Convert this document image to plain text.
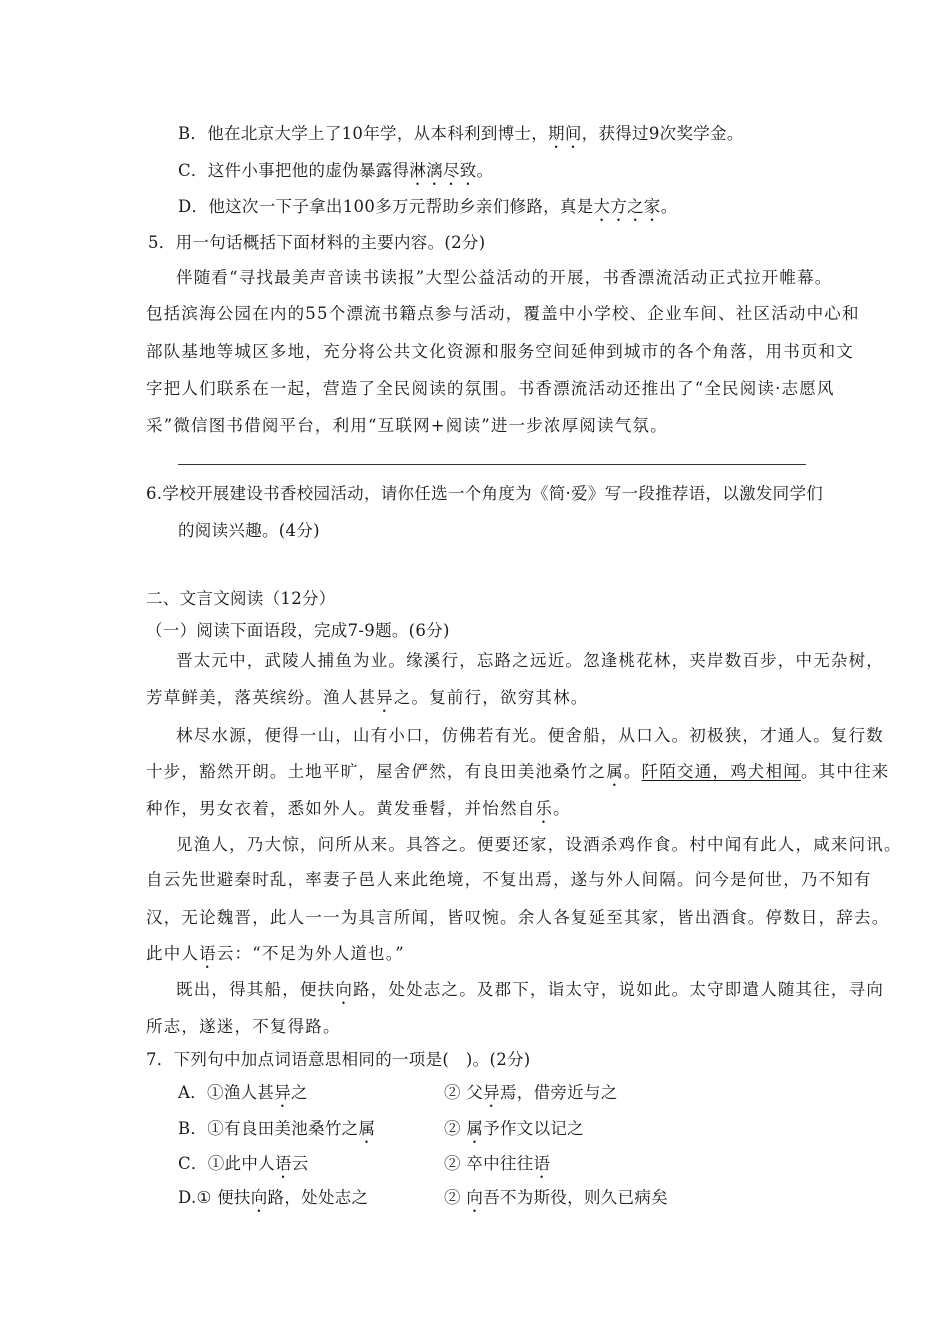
B．他在北京大学上了10年学，从本科利到博士，期间，获得过9次奖学金。
C．这件小事把他的虚伪暴露得淋漓尽致。
D．他这次一下子拿出100多万元帮助乡亲们修路，真是大方之家。
5．用一句话概括下面材料的主要内容。(2分)
伴随看“寻找最美声音读书读报”大型公益活动的开展，书香漂流活动正式拉开帷幕。
包括滨海公园在内的55个漂流书籍点参与活动，覆盖中小学校、企业车间、社区活动中心和
部队基地等城区多地，充分将公共文化资源和服务空间延伸到城市的各个角落，用书页和文
字把人们联系在一起，营造了全民阅读的氛围。书香漂流活动还推出了“全民阅读·志愿风
采”微信图书借阅平台，利用“互联网+阅读”进一步浓厚阅读气氛。
6.学校开展建设书香校园活动，请你任选一个角度为《简·爱》写一段推荐语，以激发同学们
的阅读兴趣。(4分)
二、文言文阅读（12分）
（一）阅读下面语段，完成7-9题。(6分)
晋太元中，武陵人捕鱼为业。缘溪行，忘路之远近。忽逢桃花林，夹岸数百步，中无杂树，
芳草鲜美，落英缤纷。渔人甚异之。复前行，欲穷其林。
林尽水源，便得一山，山有小口，仿佛若有光。便舍船，从口入。初极狭，才通人。复行数
十步，豁然开朗。土地平旷，屋舍俨然，有良田美池桑竹之属。阡陌交通，鸡犬相闻。其中往来
种作，男女衣着，悉如外人。黄发垂髫，并怡然自乐。
见渔人，乃大惊，问所从来。具答之。便要还家，设酒杀鸡作食。村中闻有此人，咸来问讯。
自云先世避秦时乱，率妻子邑人来此绝境，不复出焉，遂与外人间隔。问今是何世，乃不知有
汉，无论魏晋，此人一一为具言所闻，皆叹惋。余人各复延至其家，皆出酒食。停数日，辞去。
此中人语云：“不足为外人道也。”
既出，得其船，便扶向路，处处志之。及郡下，诣太守，说如此。太守即遣人随其往，寻向
所志，遂迷，不复得路。
7．下列句中加点词语意思相同的一项是(　)。(2分)
A．①渔人甚异之	② 父异焉，借旁近与之
B．①有良田美池桑竹之属	② 属予作文以记之
C．①此中人语云	② 卒中往往语
D.① 便扶向路，处处志之	② 向吾不为斯役，则久已病矣
